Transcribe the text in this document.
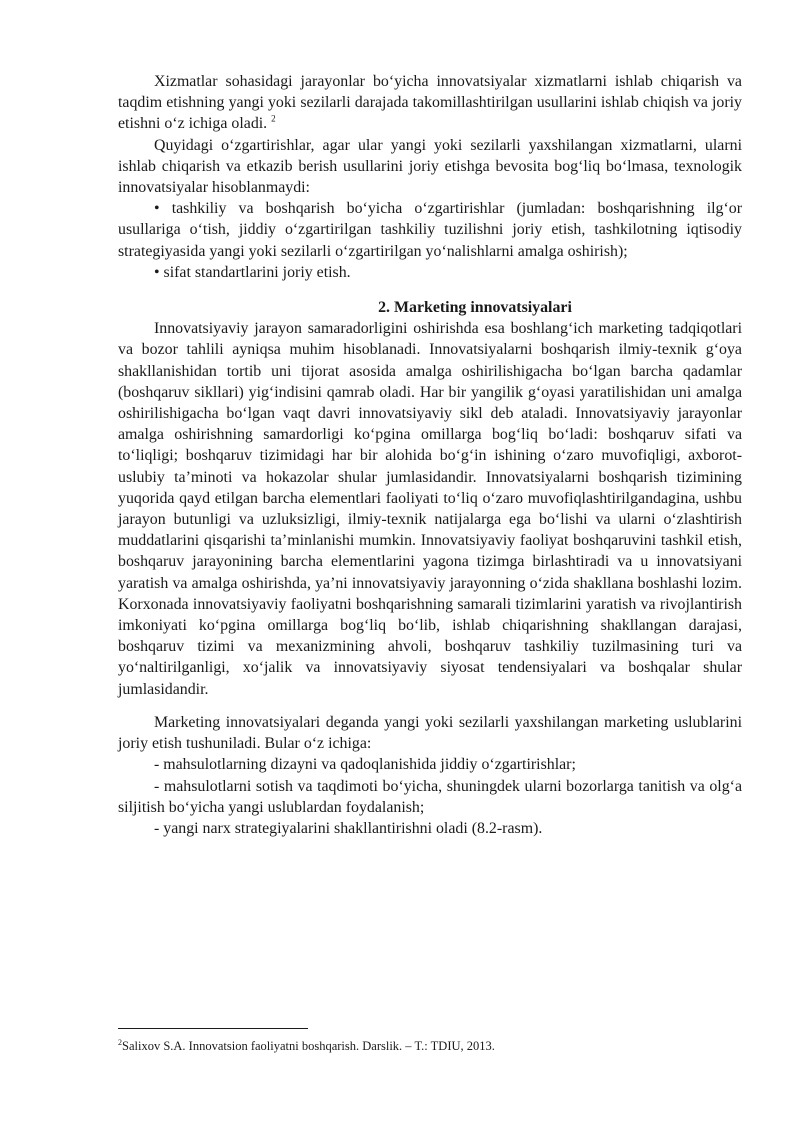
Xizmatlar sohasidagi jarayonlar bo‘yicha innovatsiyalar xizmatlarni ishlab chiqarish va taqdim etishning yangi yoki sezilarli darajada takomillashtirilgan usullarini ishlab chiqish va joriy etishni o‘z ichiga oladi. $^2$

Quyidagi o‘zgartirishlar, agar ular yangi yoki sezilarli yaxshilangan xizmatlarni, ularni ishlab chiqarish va etkazib berish usullarini joriy etishga bevosita bog‘liq bo‘lmasa, texnologik innovatsiyalar hisoblanmaydi:

• tashkiliy va boshqarish bo‘yicha o‘zgartirishlar (jumladan: boshqarishning ilg‘or usullariga o‘tish, jiddiy o‘zgartirilgan tashkiliy tuzilishni joriy etish, tashkilotning iqtisodiy strategiyasida yangi yoki sezilarli o‘zgartirilgan yo‘nalishlarni amalga oshirish);

• sifat standartlarini joriy etish.

2. Marketing innovatsiyalari

Innovatsiyaviy jarayon samaradorligini oshirishda esa boshlang‘ich marketing tadqiqotlari va bozor tahlili ayniqsa muhim hisoblanadi. Innovatsiyalarni boshqarish ilmiy-texnik g‘oya shakllanishidan tortib uni tijorat asosida amalga oshirilishigacha bo‘lgan barcha qadamlar (boshqaruv sikllari) yig‘indisini qamrab oladi. Har bir yangilik g‘oyasi yaratilishidan uni amalga oshirilishigacha bo‘lgan vaqt davri innovatsiyaviy sikl deb ataladi. Innovatsiyaviy jarayonlar amalga oshirishning samardorligi ko‘pgina omillarga bog‘liq bo‘ladi: boshqaruv sifati va to‘liqligi; boshqaruv tizimidagi har bir alohida bo‘g‘in ishining o‘zaro muvofiqligi, axborot-uslubiy ta’minoti va hokazolar shular jumlasidandir. Innovatsiyalarni boshqarish tizimining yuqorida qayd etilgan barcha elementlari faoliyati to‘liq o‘zaro muvofiqlashtirilgandagina, ushbu jarayon butunligi va uzluksizligi, ilmiy-texnik natijalarga ega bo‘lishi va ularni o‘zlashtirish muddatlarini qisqarishi ta’minlanishi mumkin. Innovatsiyaviy faoliyat boshqaruvini tashkil etish, boshqaruv jarayonining barcha elementlarini yagona tizimga birlashtiradi va u innovatsiyani yaratish va amalga oshirishda, ya’ni innovatsiyaviy jarayonning o‘zida shakllana boshlashi lozim. Korxonada innovatsiyaviy faoliyatni boshqarishning samarali tizimlarini yaratish va rivojlantirish imkoniyati ko‘pgina omillarga bog‘liq bo‘lib, ishlab chiqarishning shakllangan darajasi, boshqaruv tizimi va mexanizmining ahvoli, boshqaruv tashkiliy tuzilmasining turi va yo‘naltirilganligi, xo‘jalik va innovatsiyaviy siyosat tendensiyalari va boshqalar shular jumlasidandir.

Marketing innovatsiyalari deganda yangi yoki sezilarli yaxshilangan marketing uslublarini joriy etish tushuniladi. Bular o‘z ichiga:

- mahsulotlarning dizayni va qadoqlanishida jiddiy o‘zgartirishlar;

- mahsulotlarni sotish va taqdimoti bo‘yicha, shuningdek ularni bozorlarga tanitish va olg‘a siljitish bo‘yicha yangi uslublardan foydalanish;

- yangi narx strategiyalarini shakllantirishni oladi (8.2-rasm).

$^2$Salixov S.A. Innovatsion faoliyatni boshqarish. Darslik. – T.: TDIU, 2013.
